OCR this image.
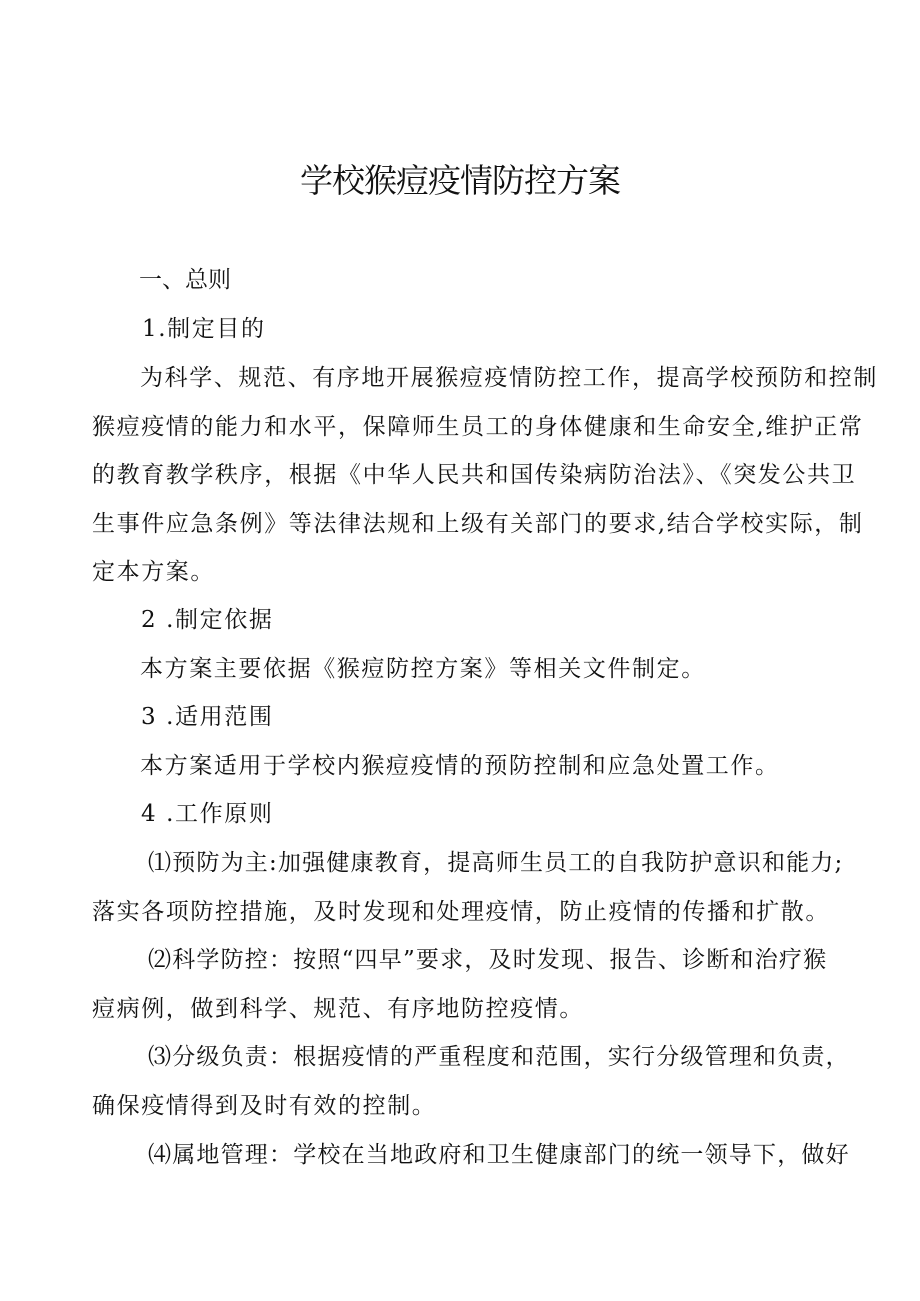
学校猴痘疫情防控方案
一、总则
1.制定目的
为科学、规范、有序地开展猴痘疫情防控工作，提高学校预防和控制
猴痘疫情的能力和水平，保障师生员工的身体健康和生命安全,维护正常
的教育教学秩序，根据《中华人民共和国传染病防治法》、《突发公共卫
生事件应急条例》等法律法规和上级有关部门的要求,结合学校实际，制
定本方案。
2 .制定依据
本方案主要依据《猴痘防控方案》等相关文件制定。
3 .适用范围
本方案适用于学校内猴痘疫情的预防控制和应急处置工作。
4 .工作原则
⑴预防为主:加强健康教育，提高师生员工的自我防护意识和能力;
落实各项防控措施，及时发现和处理疫情，防止疫情的传播和扩散。
⑵科学防控：按照“四早”要求，及时发现、报告、诊断和治疗猴
痘病例，做到科学、规范、有序地防控疫情。
⑶分级负责：根据疫情的严重程度和范围，实行分级管理和负责，
确保疫情得到及时有效的控制。
⑷属地管理：学校在当地政府和卫生健康部门的统一领导下，做好
